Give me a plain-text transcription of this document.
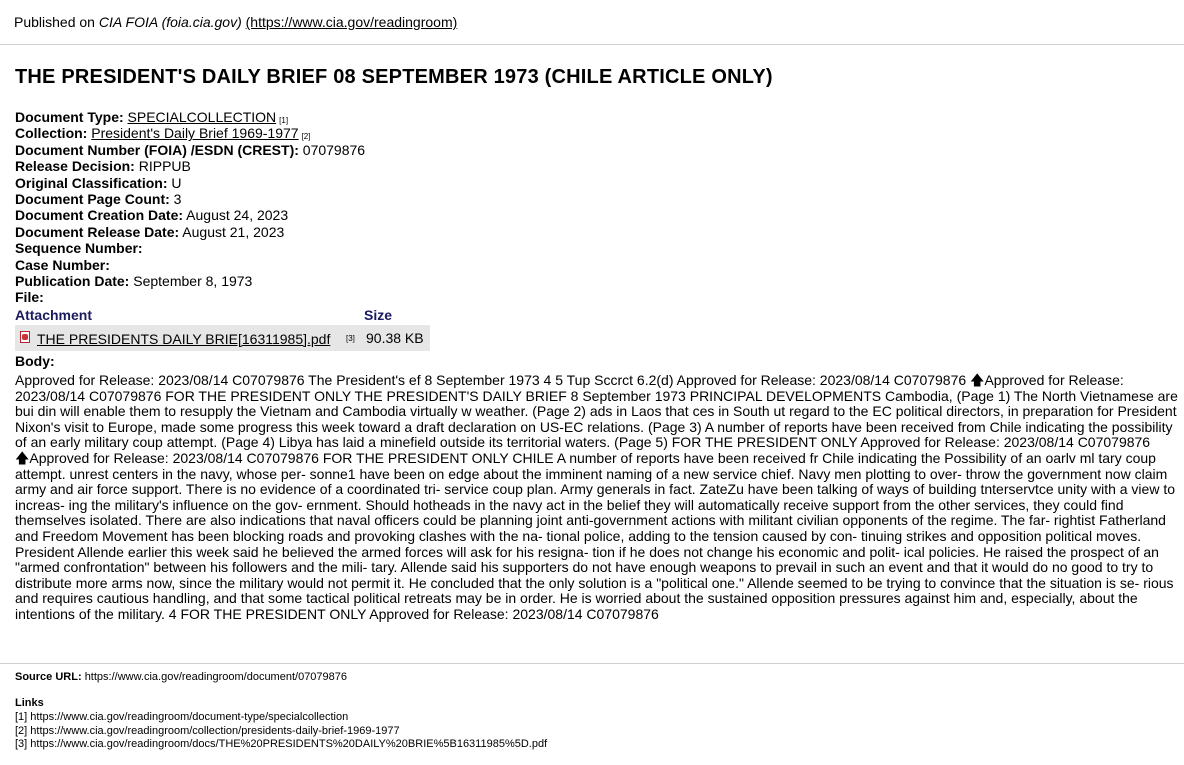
Published on CIA FOIA (foia.cia.gov) (https://www.cia.gov/readingroom)
THE PRESIDENT'S DAILY BRIEF 08 SEPTEMBER 1973 (CHILE ARTICLE ONLY)
Document Type: SPECIALCOLLECTION [1]
Collection: President's Daily Brief 1969-1977 [2]
Document Number (FOIA) /ESDN (CREST): 07079876
Release Decision: RIPPUB
Original Classification: U
Document Page Count: 3
Document Creation Date: August 24, 2023
Document Release Date: August 21, 2023
Sequence Number:
Case Number:
Publication Date: September 8, 1973
File:
Attachment	Size
THE PRESIDENTS DAILY BRIE[16311985].pdf [3] 90.38 KB
Body:

Approved for Release: 2023/08/14 C07079876 The President's ef 8 September 1973 4 5 Tup Sccrct 6.2(d) Approved for Release: 2023/08/14 C07079876 🡅Approved for Release: 2023/08/14 C07079876 FOR THE PRESIDENT ONLY THE PRESIDENT'S DAILY BRIEF 8 September 1973 PRINCIPAL DEVELOPMENTS Cambodia, (Page 1) The North Vietnamese are bui din will enable them to resupply the Vietnam and Cambodia virtually w weather. (Page 2) ads in Laos that ces in South ut regard to the EC political directors, in preparation for President Nixon's visit to Europe, made some progress this week toward a draft declaration on US-EC relations. (Page 3) A number of reports have been received from Chile indicating the possibility of an early military coup attempt. (Page 4) Libya has laid a minefield outside its territorial waters. (Page 5) FOR THE PRESIDENT ONLY Approved for Release: 2023/08/14 C07079876 🡅Approved for Release: 2023/08/14 C07079876 FOR THE PRESIDENT ONLY CHILE A number of reports have been received fr Chile indicating the Possibility of an oarlv ml tary coup attempt. unrest centers in the navy, whose per- sonne1 have been on edge about the imminent naming of a new service chief. Navy men plotting to over- throw the government now claim army and air force support. There is no evidence of a coordinated tri- service coup plan. Army generals in fact. ZateZu have been talking of ways of building tnterservtce unity with a view to increas- ing the military's influence on the gov- ernment. Should hotheads in the navy act in the belief they will automatically receive support from the other services, they could find themselves isolated. There are also indications that naval officers could be planning joint anti-government actions with militant civilian opponents of the regime. The far- rightist Fatherland and Freedom Movement has been blocking roads and provoking clashes with the na- tional police, adding to the tension caused by con- tinuing strikes and opposition political moves. President Allende earlier this week said he believed the armed forces will ask for his resigna- tion if he does not change his economic and polit- ical policies. He raised the prospect of an "armed confrontation" between his followers and the mili- tary. Allende said his supporters do not have enough weapons to prevail in such an event and that it would do no good to try to distribute more arms now, since the military would not permit it. He concluded that the only solution is a "political one." Allende seemed to be trying to convince that the situation is se- rious and requires cautious handling, and that some tactical political retreats may be in order. He is worried about the sustained opposition pressures against him and, especially, about the intentions of the military. 4 FOR THE PRESIDENT ONLY Approved for Release: 2023/08/14 C07079876

Source URL: https://www.cia.gov/readingroom/document/07079876
Links
[1] https://www.cia.gov/readingroom/document-type/specialcollection
[2] https://www.cia.gov/readingroom/collection/presidents-daily-brief-1969-1977
[3] https://www.cia.gov/readingroom/docs/THE%20PRESIDENTS%20DAILY%20BRIE%5B16311985%5D.pdf
